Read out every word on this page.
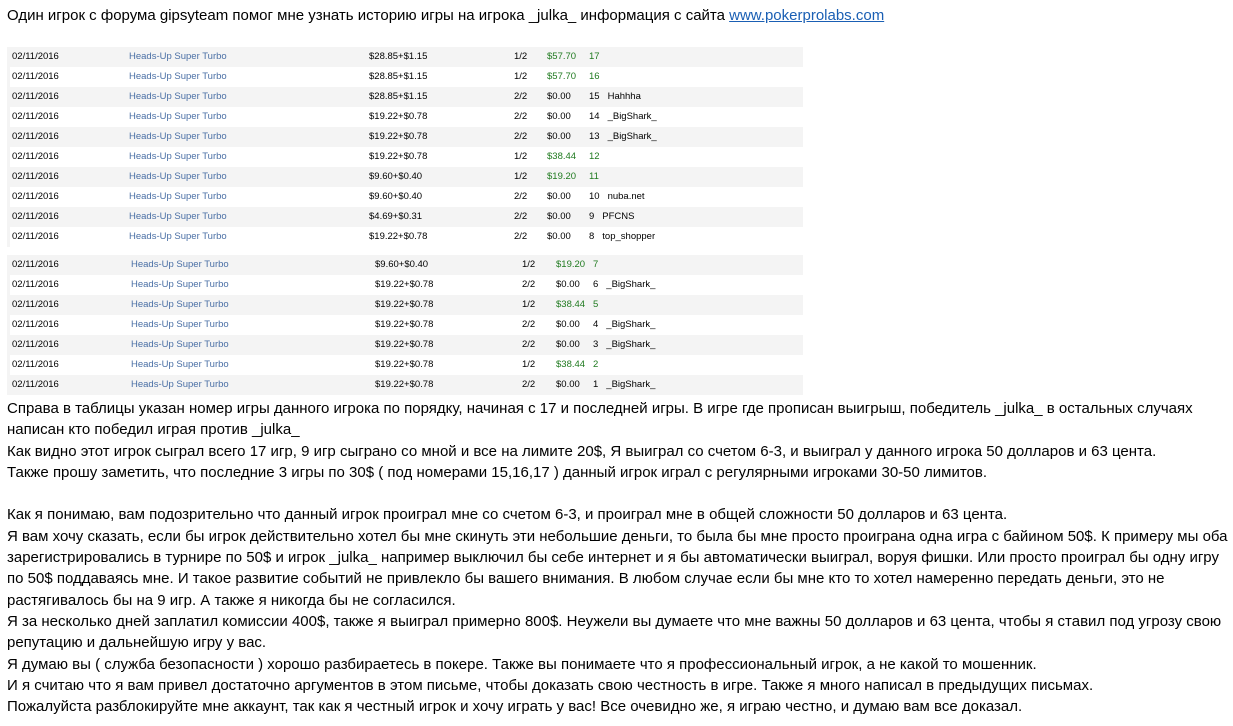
Один игрок с форума gipsyteam помог мне узнать историю игры на игрока _julka_ информация с сайта www.pokerprolabs.com
02/11/2016	Heads-Up Super Turbo	$28.85+$1.15	1/2 $57.70 17
02/11/2016	Heads-Up Super Turbo	$28.85+$1.15	1/2 $57.70 16
02/11/2016	Heads-Up Super Turbo	$28.85+$1.15	2/2 $0.00 15 Hahhha
02/11/2016	Heads-Up Super Turbo	$19.22+$0.78	2/2 $0.00 14 _BigShark_
02/11/2016	Heads-Up Super Turbo	$19.22+$0.78	2/2 $0.00 13 _BigShark_
02/11/2016	Heads-Up Super Turbo	$19.22+$0.78	1/2 $38.44 12
02/11/2016	Heads-Up Super Turbo	$9.60+$0.40	1/2 $19.20 11
02/11/2016	Heads-Up Super Turbo	$9.60+$0.40	2/2 $0.00 10 nuba.net
02/11/2016	Heads-Up Super Turbo	$4.69+$0.31	2/2 $0.00 9 PFCNS
02/11/2016	Heads-Up Super Turbo	$19.22+$0.78	2/2 $0.00 8 top_shopper
02/11/2016	Heads-Up Super Turbo	$9.60+$0.40	1/2 $19.20 7
02/11/2016	Heads-Up Super Turbo	$19.22+$0.78	2/2 $0.00 6 _BigShark_
02/11/2016	Heads-Up Super Turbo	$19.22+$0.78	1/2 $38.44 5
02/11/2016	Heads-Up Super Turbo	$19.22+$0.78	2/2 $0.00 4 _BigShark_
02/11/2016	Heads-Up Super Turbo	$19.22+$0.78	2/2 $0.00 3 _BigShark_
02/11/2016	Heads-Up Super Turbo	$19.22+$0.78	1/2 $38.44 2
02/11/2016	Heads-Up Super Turbo	$19.22+$0.78	2/2 $0.00 1 _BigShark_

Справа в таблицы указан номер игры данного игрока по порядку, начиная с 17 и последней игры. В игре где прописан выигрыш, победитель _julka_ в остальных случаях написан кто победил играя против _julka_

Как видно этот игрок сыграл всего 17 игр, 9 игр сыграно со мной и все на лимите 20$, Я выиграл со счетом 6-3, и выиграл у данного игрока 50 долларов и 63 цента.

Также прошу заметить, что последние 3 игры по 30$ ( под номерами 15,16,17 ) данный игрок играл с регулярными игроками 30-50 лимитов.

Как я понимаю, вам подозрительно что данный игрок проиграл мне со счетом 6-3, и проиграл мне в общей сложности 50 долларов и 63 цента.

Я вам хочу сказать, если бы игрок действительно хотел бы мне скинуть эти небольшие деньги, то была бы мне просто проиграна одна игра с байином 50$. К примеру мы оба зарегистрировались в турнире по 50$ и игрок _julka_ например выключил бы себе интернет и я бы автоматически выиграл, воруя фишки. Или просто проиграл бы одну игру по 50$ поддаваясь мне. И такое развитие событий не привлекло бы вашего внимания. В любом случае если бы мне кто то хотел намеренно передать деньги, это не растягивалось бы на 9 игр. А также я никогда бы не согласился.

Я за несколько дней заплатил комиссии 400$, также я выиграл примерно 800$. Неужели вы думаете что мне важны 50 долларов и 63 цента, чтобы я ставил под угрозу свою репутацию и дальнейшую игру у вас.

Я думаю вы ( служба безопасности ) хорошо разбираетесь в покере. Также вы понимаете что я профессиональный игрок, а не какой то мошенник.

И я считаю что я вам привел достаточно аргументов в этом письме, чтобы доказать свою честность в игре. Также я много написал в предыдущих письмах.

Пожалуйста разблокируйте мне аккаунт, так как я честный игрок и хочу играть у вас! Все очевидно же, я играю честно, и думаю вам все доказал.
